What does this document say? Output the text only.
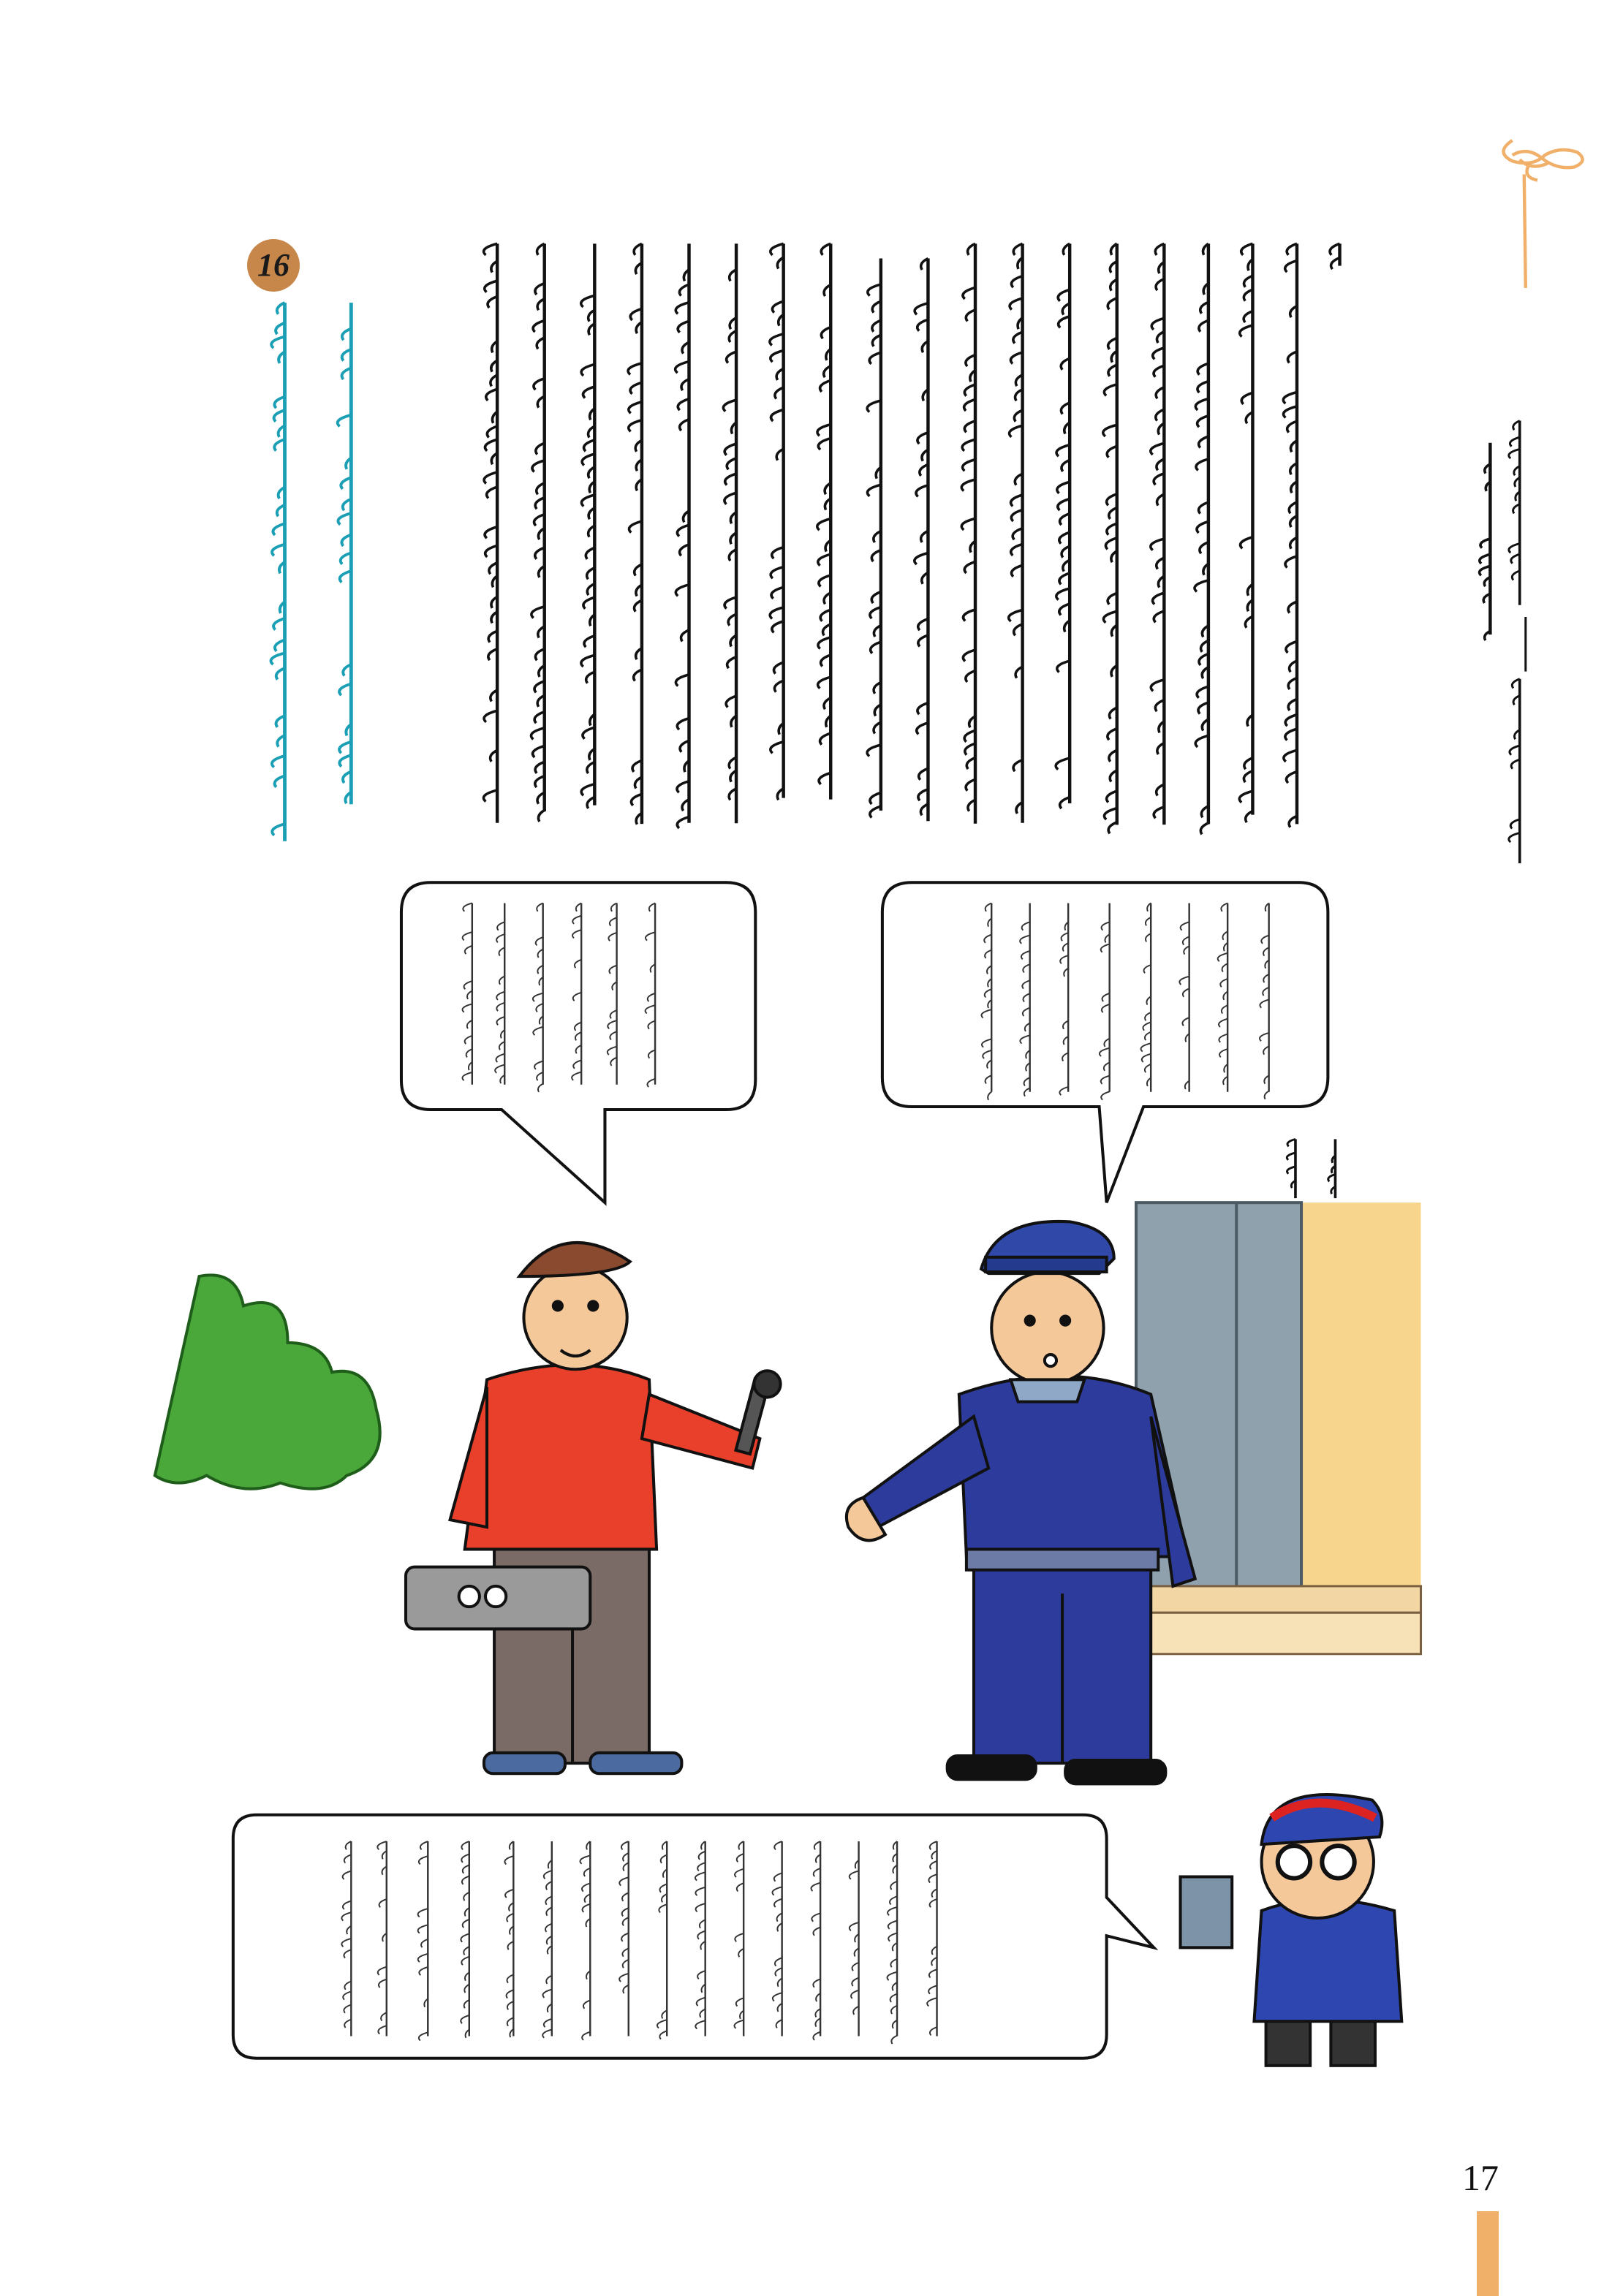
16
17
